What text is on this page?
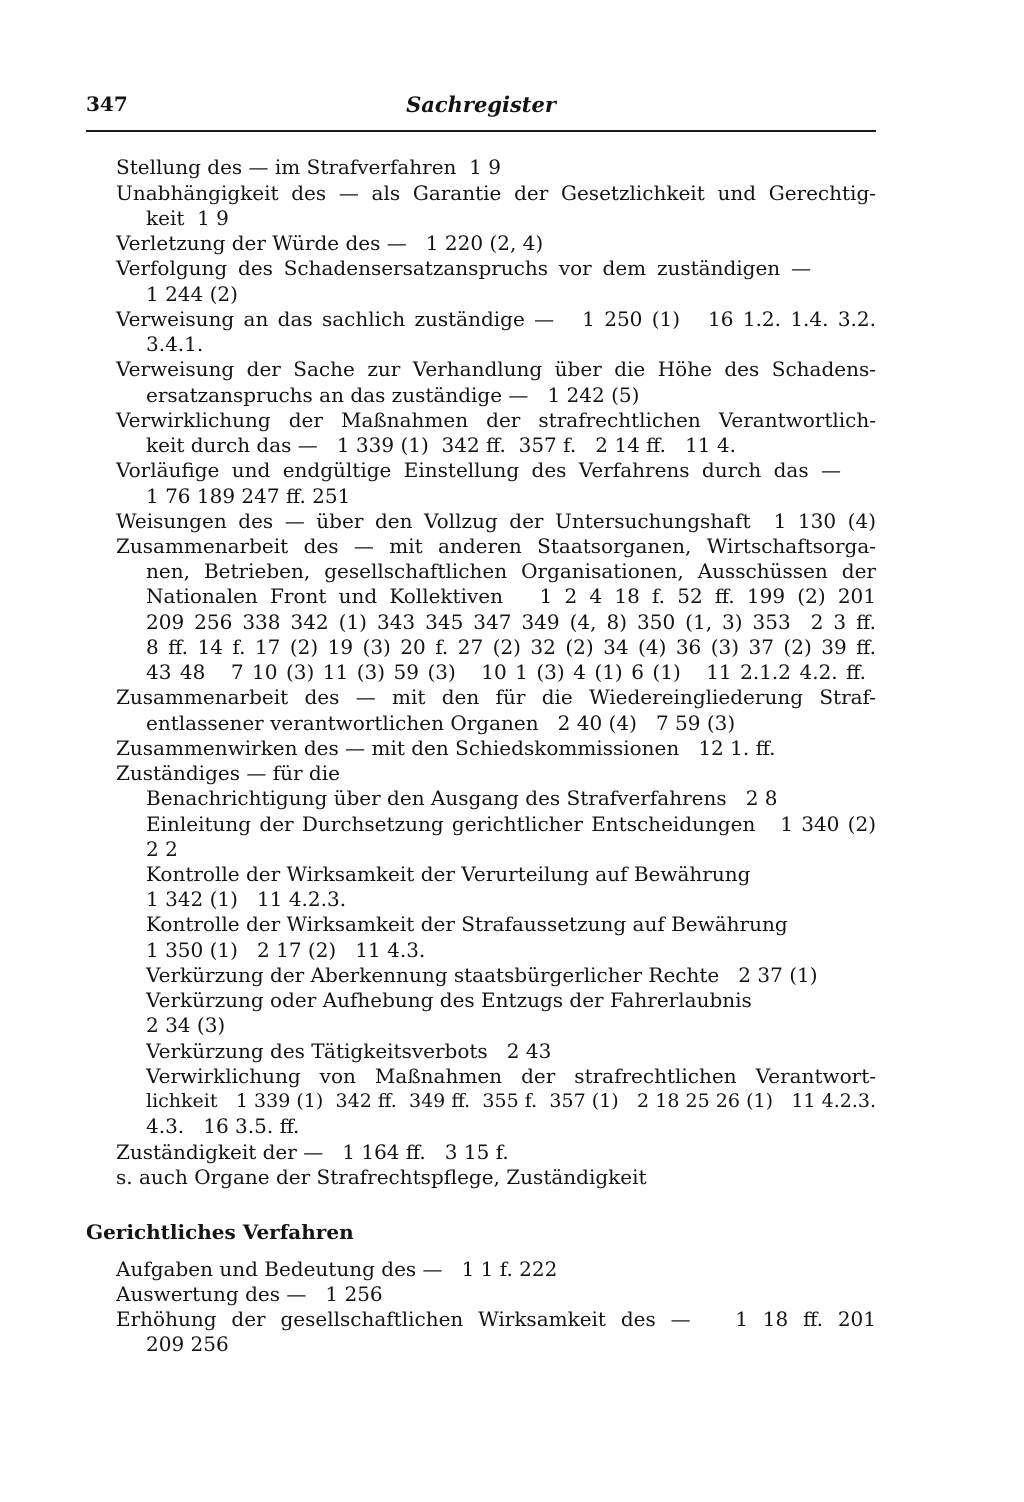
347	Sachregister
Stellung des — im Strafverfahren  1 9
Unabhängigkeit des — als Garantie der Gesetzlichkeit und Gerechtig-
keit  1 9
Verletzung der Würde des —   1 220 (2, 4)
Verfolgung des Schadensersatzanspruchs vor dem zuständigen —
1 244 (2)
Verweisung an das sachlich zuständige —   1 250 (1)   16 1.2. 1.4. 3.2.
3.4.1.
Verweisung der Sache zur Verhandlung über die Höhe des Schadens-
ersatzanspruchs an das zuständige —   1 242 (5)
Verwirklichung der Maßnahmen der strafrechtlichen Verantwortlich-
keit durch das —   1 339 (1)  342 ff.  357 f.   2 14 ff.   11 4.
Vorläufige und endgültige Einstellung des Verfahrens durch das —
1 76 189 247 ff. 251
Weisungen des — über den Vollzug der Untersuchungshaft  1 130 (4)
Zusammenarbeit des — mit anderen Staatsorganen, Wirtschaftsorga-
nen, Betrieben, gesellschaftlichen Organisationen, Ausschüssen der
Nationalen Front und Kollektiven   1 2 4 18 f. 52 ff. 199 (2) 201
209 256 338 342 (1) 343 345 347 349 (4, 8) 350 (1, 3) 353  2 3 ff.
8 ff. 14 f. 17 (2) 19 (3) 20 f. 27 (2) 32 (2) 34 (4) 36 (3) 37 (2) 39 ff.
43 48   7 10 (3) 11 (3) 59 (3)   10 1 (3) 4 (1) 6 (1)   11 2.1.2 4.2. ff.
Zusammenarbeit des — mit den für die Wiedereingliederung Straf-
entlassener verantwortlichen Organen   2 40 (4)   7 59 (3)
Zusammenwirken des — mit den Schiedskommissionen   12 1. ff.
Zuständiges — für die
Benachrichtigung über den Ausgang des Strafverfahrens   2 8
Einleitung der Durchsetzung gerichtlicher Entscheidungen   1 340 (2)
2 2
Kontrolle der Wirksamkeit der Verurteilung auf Bewährung
1 342 (1)   11 4.2.3.
Kontrolle der Wirksamkeit der Strafaussetzung auf Bewährung
1 350 (1)   2 17 (2)   11 4.3.
Verkürzung der Aberkennung staatsbürgerlicher Rechte   2 37 (1)
Verkürzung oder Aufhebung des Entzugs der Fahrerlaubnis
2 34 (3)
Verkürzung des Tätigkeitsverbots   2 43
Verwirklichung von Maßnahmen der strafrechtlichen Verantwort-
lichkeit   1 339 (1)  342 ff.  349 ff.  355 f.  357 (1)   2 18 25 26 (1)   11 4.2.3.
4.3.   16 3.5. ff.
Zuständigkeit der —   1 164 ff.   3 15 f.
s. auch Organe der Strafrechtspflege, Zuständigkeit
Gerichtliches Verfahren
Aufgaben und Bedeutung des —   1 1 f. 222
Auswertung des —   1 256
Erhöhung der gesellschaftlichen Wirksamkeit des —   1 18 ff. 201
209 256
